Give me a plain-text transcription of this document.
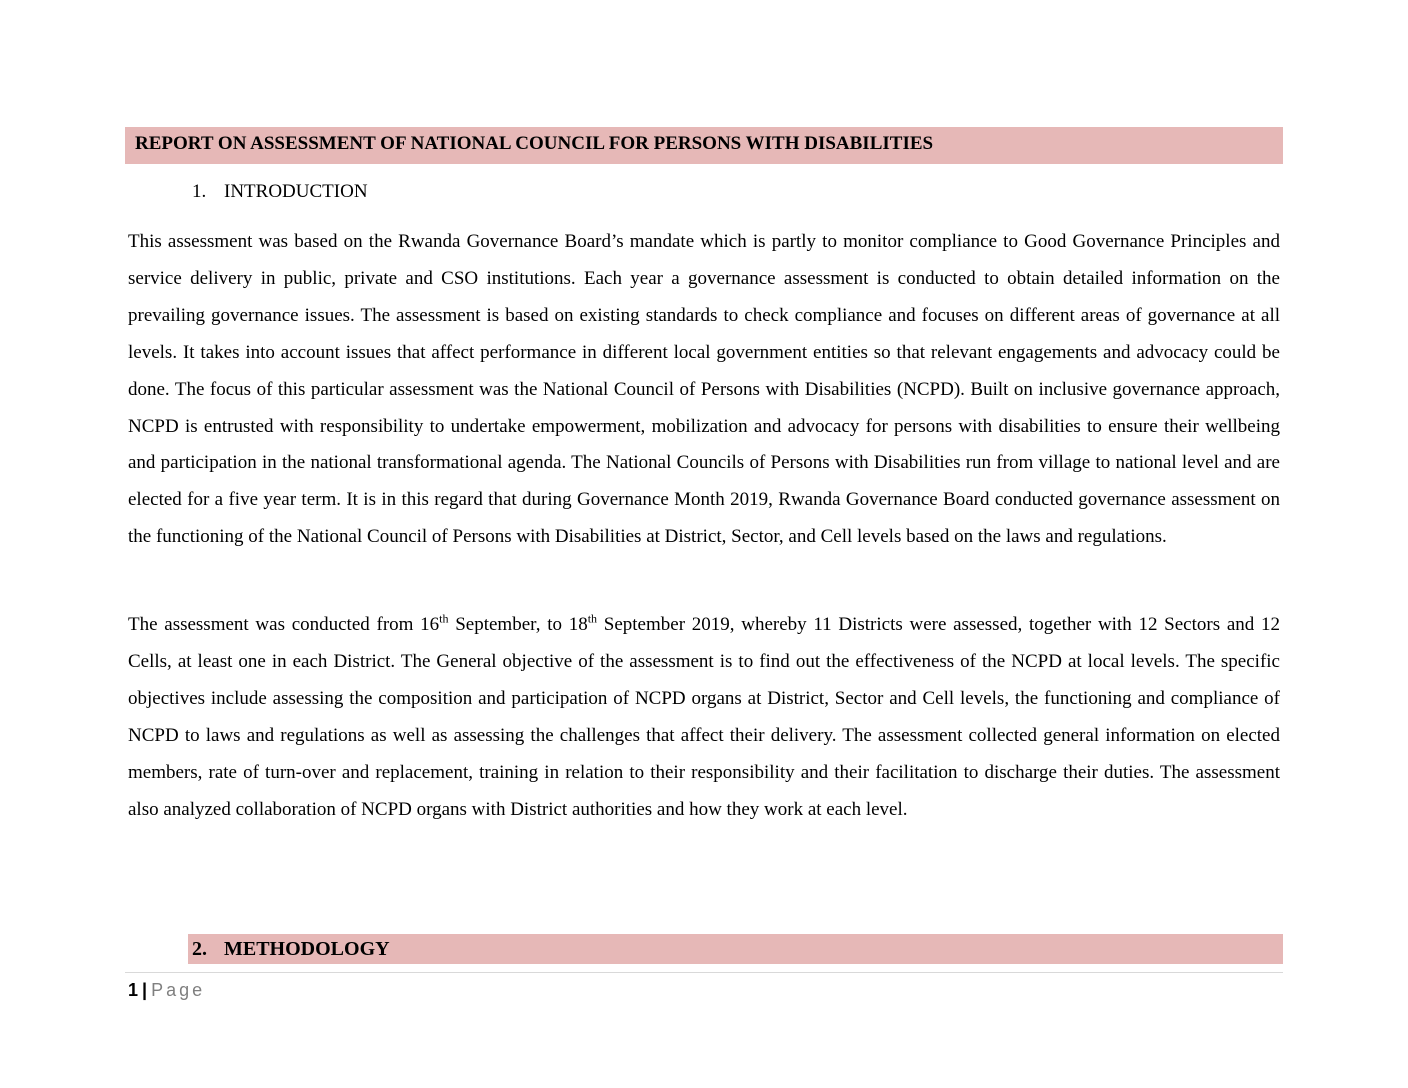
REPORT ON ASSESSMENT OF NATIONAL COUNCIL FOR PERSONS WITH DISABILITIES
1. INTRODUCTION

This assessment was based on the Rwanda Governance Board’s mandate which is partly to monitor compliance to Good Governance Principles and service delivery in public, private and CSO institutions. Each year a governance assessment is conducted to obtain detailed information on the prevailing governance issues. The assessment is based on existing standards to check compliance and focuses on different areas of governance at all levels. It takes into account issues that affect performance in different local government entities so that relevant engagements and advocacy could be done. The focus of this particular assessment was the National Council of Persons with Disabilities (NCPD). Built on inclusive governance approach, NCPD is entrusted with responsibility to undertake empowerment, mobilization and advocacy for persons with disabilities to ensure their wellbeing and participation in the national transformational agenda. The National Councils of Persons with Disabilities run from village to national level and are elected for a five year term. It is in this regard that during Governance Month 2019, Rwanda Governance Board conducted governance assessment on the functioning of the National Council of Persons with Disabilities at District, Sector, and Cell levels based on the laws and regulations.

The assessment was conducted from 16th September, to 18th September 2019, whereby 11 Districts were assessed, together with 12 Sectors and 12 Cells, at least one in each District. The General objective of the assessment is to find out the effectiveness of the NCPD at local levels. The specific objectives include assessing the composition and participation of NCPD organs at District, Sector and Cell levels, the functioning and compliance of NCPD to laws and regulations as well as assessing the challenges that affect their delivery. The assessment collected general information on elected members, rate of turn-over and replacement, training in relation to their responsibility and their facilitation to discharge their duties. The assessment also analyzed collaboration of NCPD organs with District authorities and how they work at each level.

2. METHODOLOGY
1 | Page
